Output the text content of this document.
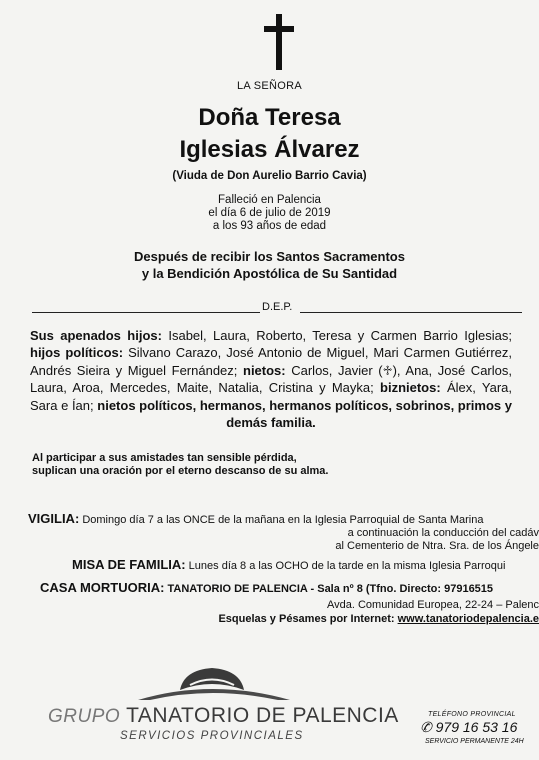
LA SEÑORA
Doña Teresa
Iglesias Álvarez
(Viuda de Don Aurelio Barrio Cavia)
Falleció en Palencia
el día 6 de julio de 2019
a los 93 años de edad
Después de recibir los Santos Sacramentos
y la Bendición Apostólica de Su Santidad
D.E.P.
Sus apenados hijos: Isabel, Laura, Roberto, Teresa y Carmen Barrio Iglesias; hijos políticos: Silvano Carazo, José Antonio de Miguel, Mari Carmen Gutiérrez, Andrés Sieira y Miguel Fernández; nietos: Carlos, Javier (♱), Ana, José Carlos, Laura, Aroa, Mercedes, Maite, Natalia, Cristina y Mayka; biznietos: Álex, Yara, Sara e Ían; nietos políticos, hermanos, hermanos políticos, sobrinos, primos y demás familia.
Al participar a sus amistades tan sensible pérdida,
suplican una oración por el eterno descanso de su alma.
VIGILIA: Domingo día 7 a las ONCE de la mañana en la Iglesia Parroquial de Santa Marina
a continuación la conducción del cadáv
al Cementerio de Ntra. Sra. de los Ángele
MISA DE FAMILIA: Lunes día 8 a las OCHO de la tarde en la misma Iglesia Parroqui
CASA MORTUORIA: TANATORIO DE PALENCIA - Sala nº 8 (Tfno. Directo: 97916515
Avda. Comunidad Europea, 22-24 – Palenc
Esquelas y Pésames por Internet: www.tanatoriodepalencia.e
GRUPO TANATORIO DE PALENCIA
SERVICIOS PROVINCIALES
TELÉFONO PROVINCIAL
✆ 979 16 53 16
SERVICIO PERMANENTE 24H
